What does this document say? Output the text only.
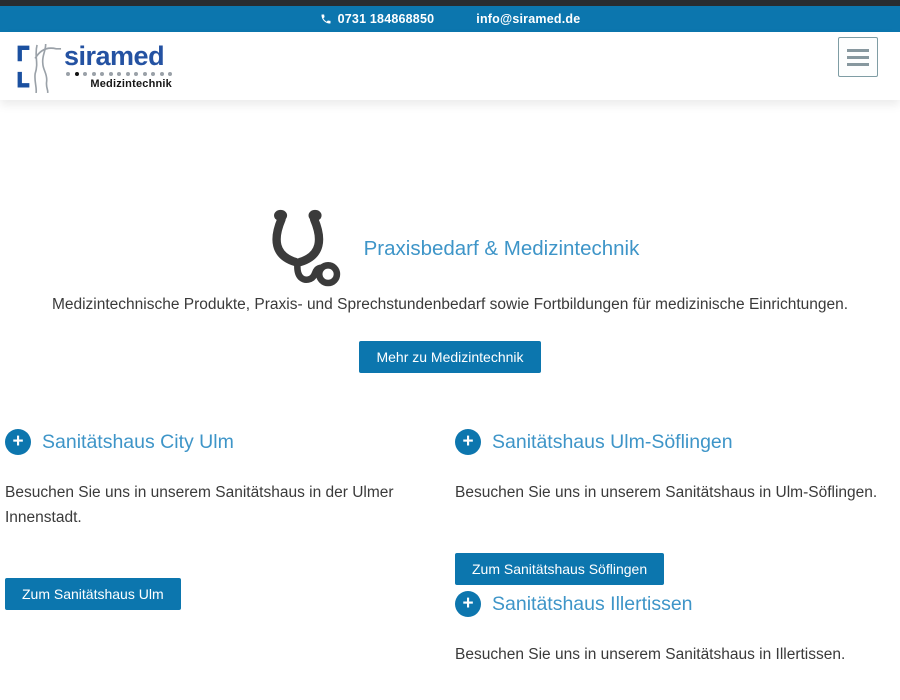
0731 184868850	info@siramed.de
siramed
Medizintechnik
Praxisbedarf & Medizintechnik

Medizintechnische Produkte, Praxis- und Sprechstundenbedarf sowie Fortbildungen für medizinische Einrichtungen.

Mehr zu Medizintechnik
+ Sanitätshaus City Ulm

Besuchen Sie uns in unserem Sanitätshaus in der Ulmer Innenstadt.

Zum Sanitätshaus Ulm
+ Sanitätshaus Ulm-Söflingen

Besuchen Sie uns in unserem Sanitätshaus in Ulm-Söflingen.

Zum Sanitätshaus Söflingen
+ Sanitätshaus Illertissen

Besuchen Sie uns in unserem Sanitätshaus in Illertissen.
